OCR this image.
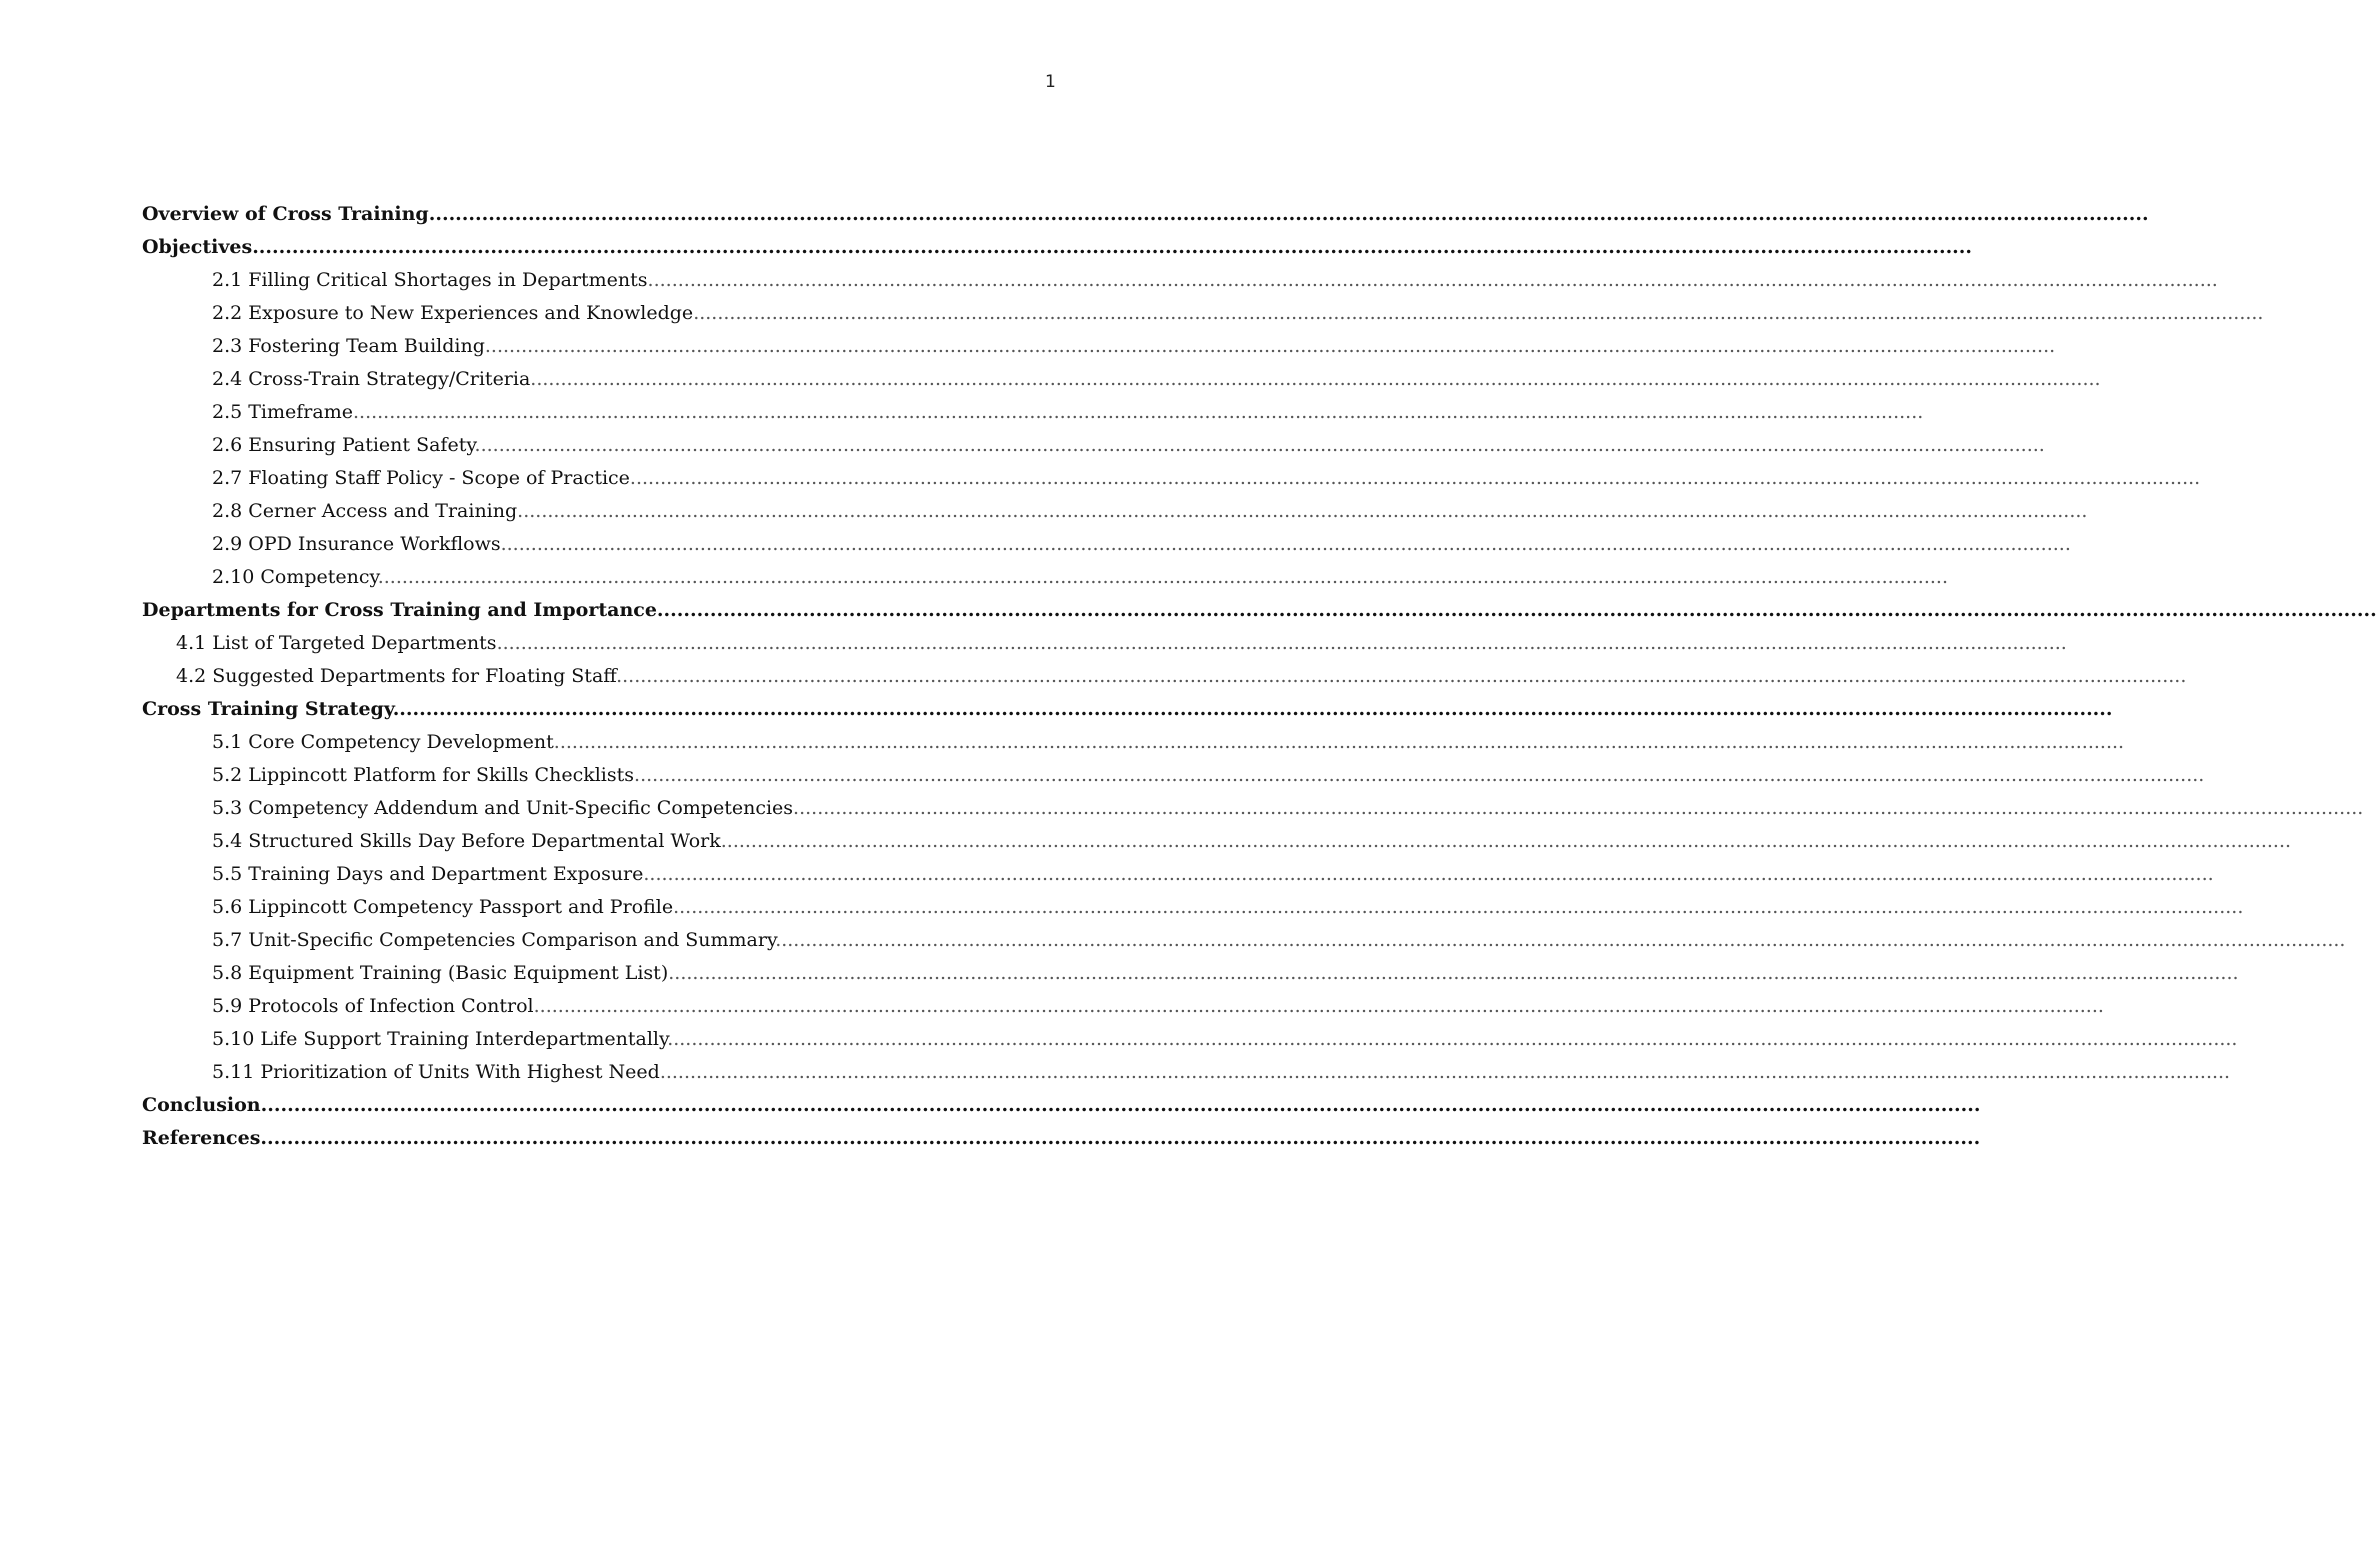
1
Overview of Cross Training....................................................................................................................................................................................................................................................................
Objectives....................................................................................................................................................................................................................................................................
2.1 Filling Critical Shortages in Departments....................................................................................................................................................................................................................................................................
2.2 Exposure to New Experiences and Knowledge....................................................................................................................................................................................................................................................................
2.3 Fostering Team Building....................................................................................................................................................................................................................................................................
2.4 Cross-Train Strategy/Criteria....................................................................................................................................................................................................................................................................
2.5 Timeframe....................................................................................................................................................................................................................................................................
2.6 Ensuring Patient Safety....................................................................................................................................................................................................................................................................
2.7 Floating Staff Policy - Scope of Practice....................................................................................................................................................................................................................................................................
2.8 Cerner Access and Training....................................................................................................................................................................................................................................................................
2.9 OPD Insurance Workflows....................................................................................................................................................................................................................................................................
2.10 Competency....................................................................................................................................................................................................................................................................
Departments for Cross Training and Importance....................................................................................................................................................................................................................................................................
4.1 List of Targeted Departments....................................................................................................................................................................................................................................................................
4.2 Suggested Departments for Floating Staff....................................................................................................................................................................................................................................................................
Cross Training Strategy....................................................................................................................................................................................................................................................................
5.1 Core Competency Development....................................................................................................................................................................................................................................................................
5.2 Lippincott Platform for Skills Checklists....................................................................................................................................................................................................................................................................
5.3 Competency Addendum and Unit-Specific Competencies....................................................................................................................................................................................................................................................................
5.4 Structured Skills Day Before Departmental Work....................................................................................................................................................................................................................................................................
5.5 Training Days and Department Exposure....................................................................................................................................................................................................................................................................
5.6 Lippincott Competency Passport and Profile....................................................................................................................................................................................................................................................................
5.7 Unit-Specific Competencies Comparison and Summary....................................................................................................................................................................................................................................................................
5.8 Equipment Training (Basic Equipment List)....................................................................................................................................................................................................................................................................
5.9 Protocols of Infection Control....................................................................................................................................................................................................................................................................
5.10 Life Support Training Interdepartmentally....................................................................................................................................................................................................................................................................
5.11 Prioritization of Units With Highest Need....................................................................................................................................................................................................................................................................
Conclusion....................................................................................................................................................................................................................................................................
References....................................................................................................................................................................................................................................................................
